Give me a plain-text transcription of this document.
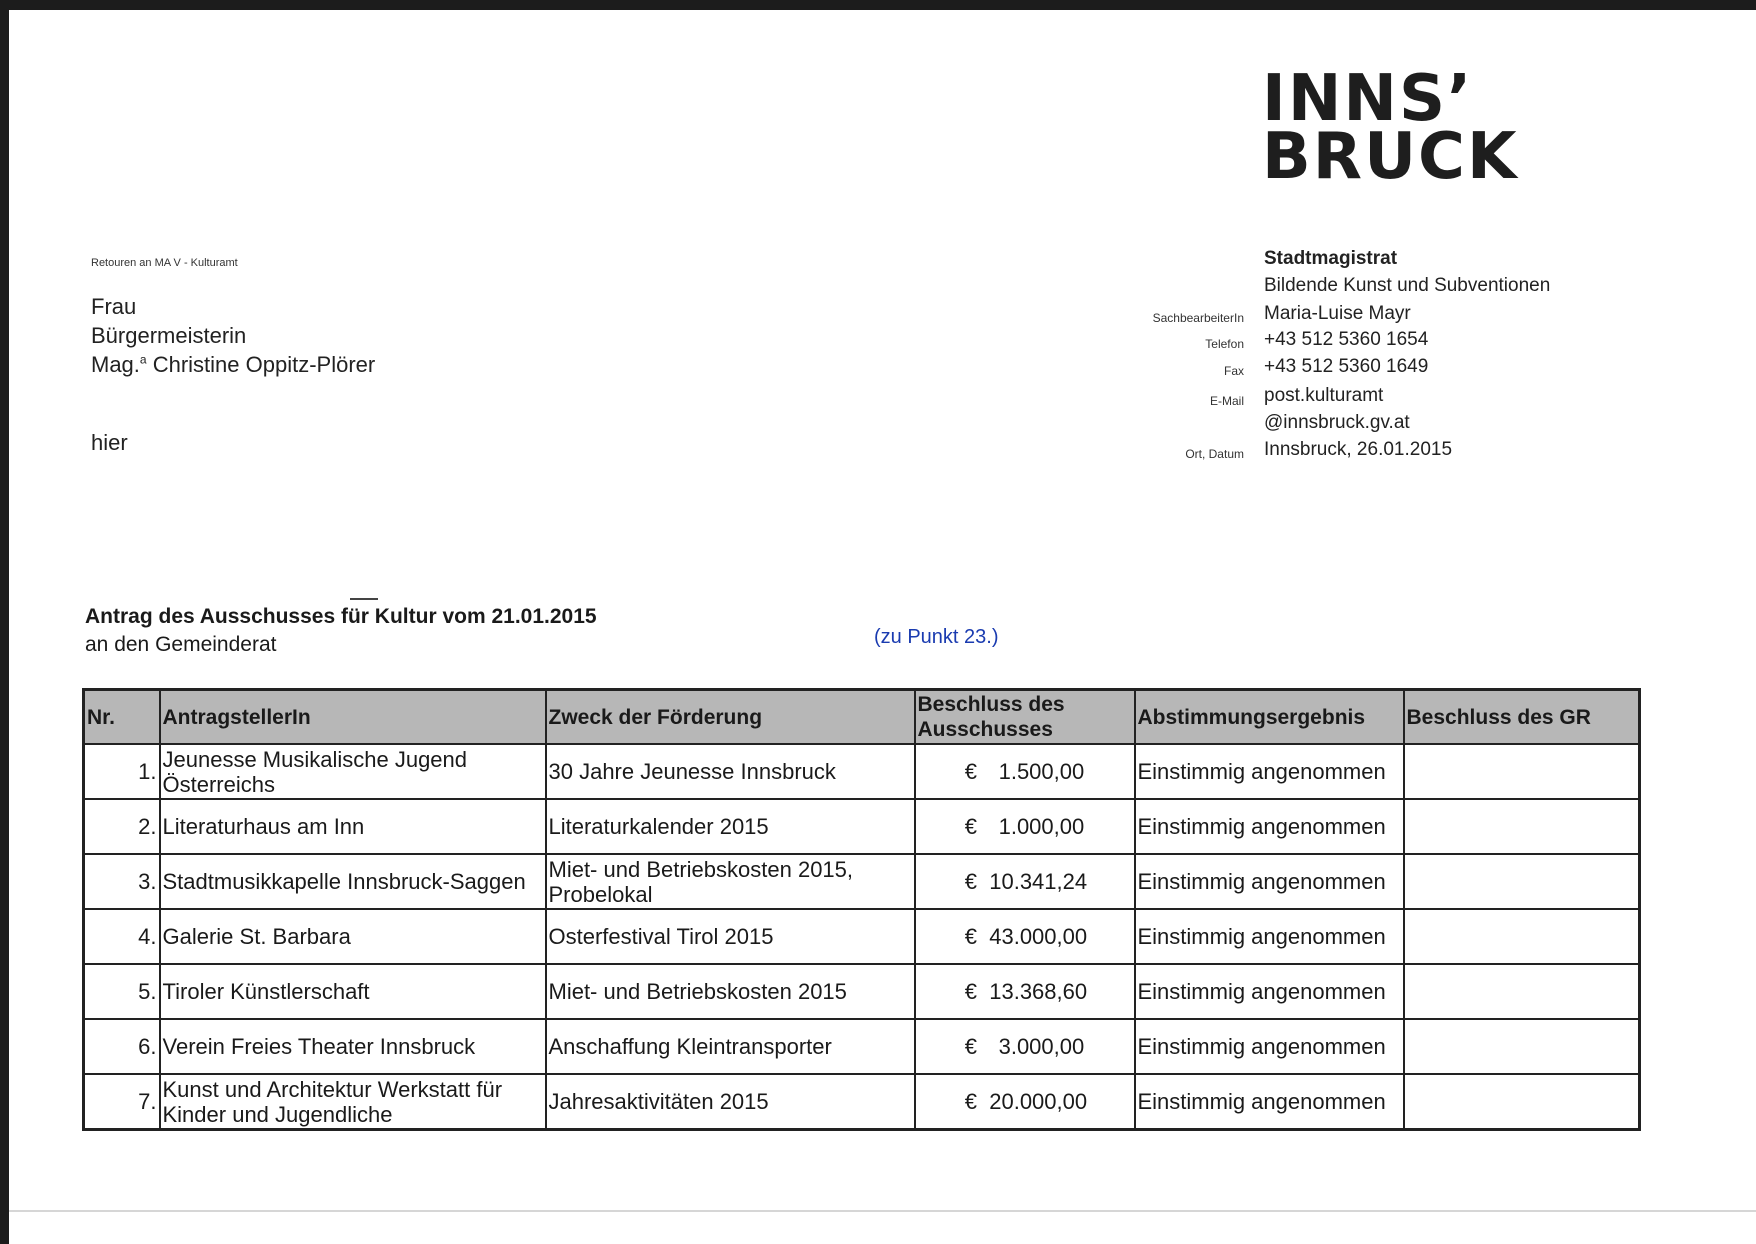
INNS’
BRUCK
Retouren an MA V - Kulturamt
Frau
Bürgermeisterin
Mag.$^a$ Christine Oppitz-Plörer
hier
Stadtmagistrat
Bildende Kunst und Subventionen
SachbearbeiterIn Maria-Luise Mayr
Telefon +43 512 5360 1654
Fax +43 512 5360 1649
E-Mail post.kulturamt
@innsbruck.gv.at
Ort, Datum Innsbruck, 26.01.2015
Antrag des Ausschusses für Kultur vom 21.01.2015
an den Gemeinderat	(zu Punkt 23.)
Nr.	AntragstellerIn	Zweck der Förderung	Beschluss des Ausschusses	Abstimmungsergebnis	Beschluss des GR
1.	Jeunesse Musikalische Jugend Österreichs	30 Jahre Jeunesse Innsbruck	€ 1.500,00	Einstimmig angenommen	
2.	Literaturhaus am Inn	Literaturkalender 2015	€ 1.000,00	Einstimmig angenommen	
3.	Stadtmusikkapelle Innsbruck-Saggen	Miet- und Betriebskosten 2015, Probelokal	€ 10.341,24	Einstimmig angenommen	
4.	Galerie St. Barbara	Osterfestival Tirol 2015	€ 43.000,00	Einstimmig angenommen	
5.	Tiroler Künstlerschaft	Miet- und Betriebskosten 2015	€ 13.368,60	Einstimmig angenommen	
6.	Verein Freies Theater Innsbruck	Anschaffung Kleintransporter	€ 3.000,00	Einstimmig angenommen	
7.	Kunst und Architektur Werkstatt für Kinder und Jugendliche	Jahresaktivitäten 2015	€ 20.000,00	Einstimmig angenommen	
